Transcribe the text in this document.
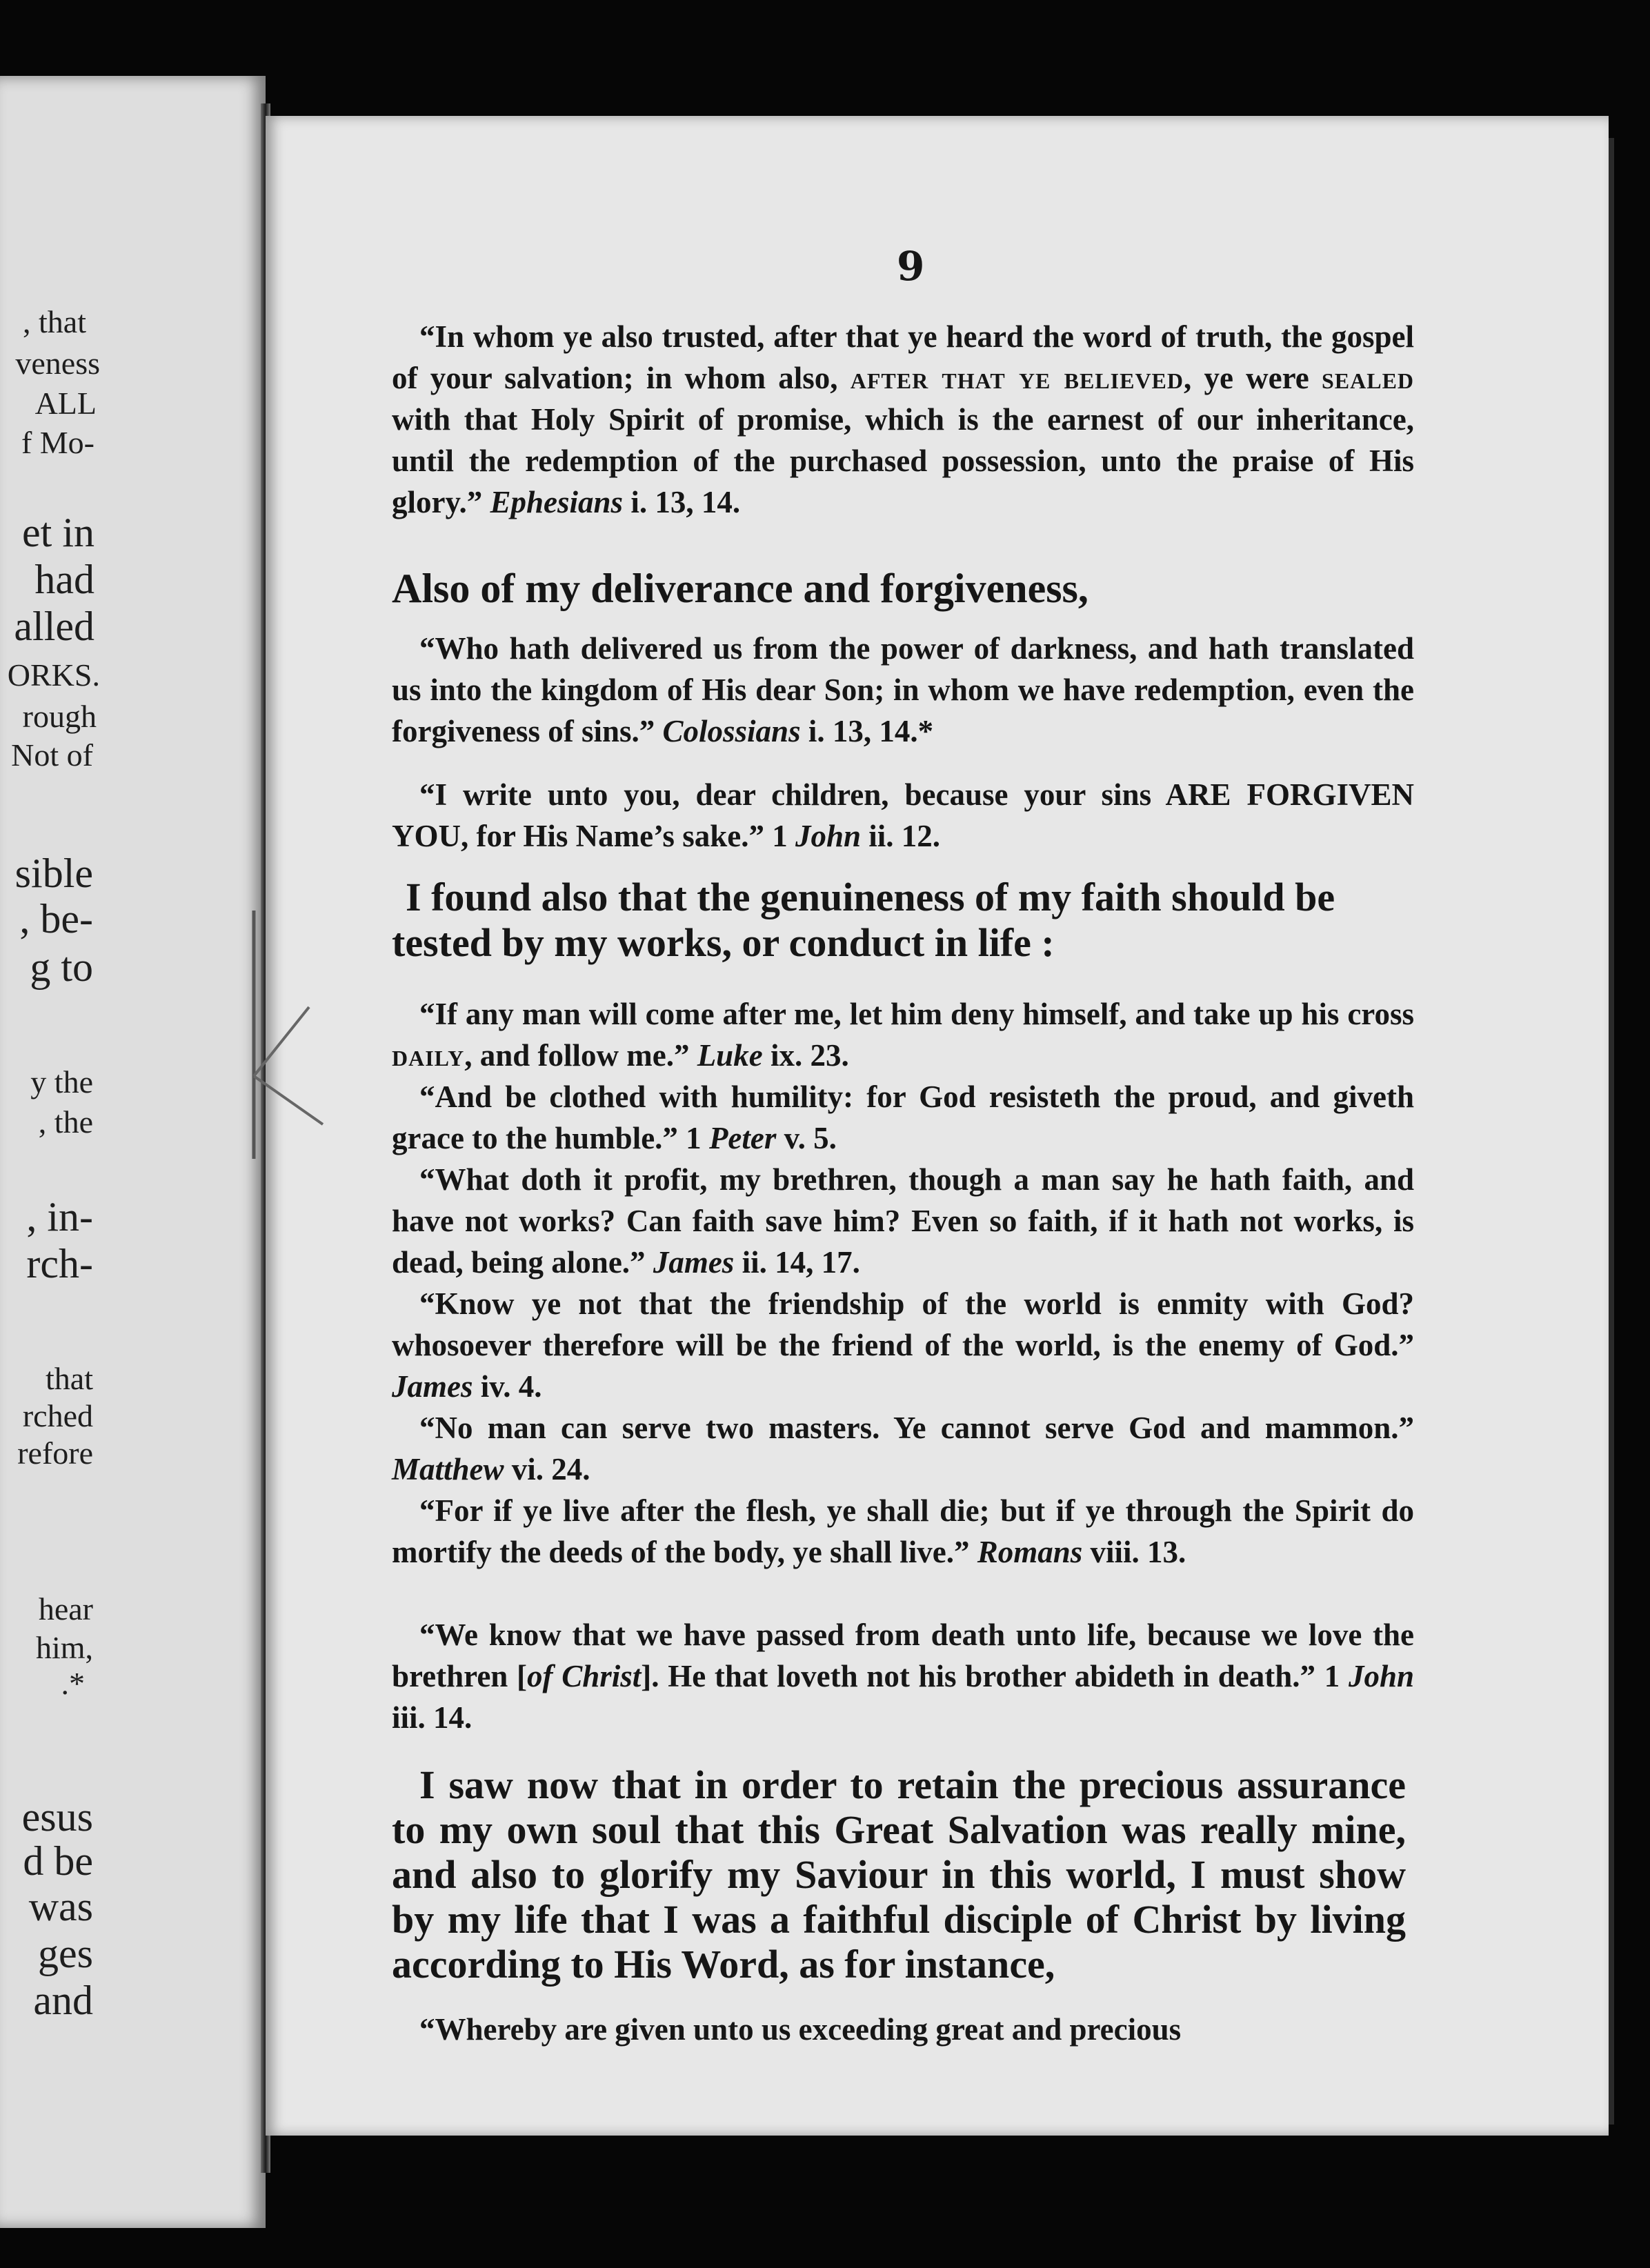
, that
veness
ALL
f Mo-
et in
had
alled
ORKS.
rough
Not of
sible
, be-
g to
y the
, the
, in-
rch-
that
rched
refore
hear
him,
.*
esus
d be
was
ges
and
9

“In whom ye also trusted, after that ye heard the word of truth, the gospel of your salvation; in whom also, after that ye believed, ye were sealed with that Holy Spirit of promise, which is the earnest of our inheritance, until the redemption of the purchased possession, unto the praise of His glory.” Ephesians i. 13, 14.

Also of my deliverance and forgiveness,

“Who hath delivered us from the power of darkness, and hath translated us into the kingdom of His dear Son; in whom we have redemption, even the forgiveness of sins.” Colossians i. 13, 14.*

“I write unto you, dear children, because your sins ARE FORGIVEN YOU, for His Name’s sake.” 1 John ii. 12.

I found also that the genuineness of my faith should be tested by my works, or conduct in life :

“If any man will come after me, let him deny himself, and take up his cross daily, and follow me.” Luke ix. 23.

“And be clothed with humility: for God resisteth the proud, and giveth grace to the humble.” 1 Peter v. 5.

“What doth it profit, my brethren, though a man say he hath faith, and have not works? Can faith save him? Even so faith, if it hath not works, is dead, being alone.” James ii. 14, 17.

“Know ye not that the friendship of the world is enmity with God? whosoever therefore will be the friend of the world, is the enemy of God.” James iv. 4.

“No man can serve two masters. Ye cannot serve God and mammon.” Matthew vi. 24.

“For if ye live after the flesh, ye shall die; but if ye through the Spirit do mortify the deeds of the body, ye shall live.” Romans viii. 13.

“We know that we have passed from death unto life, because we love the brethren [of Christ]. He that loveth not his brother abideth in death.” 1 John iii. 14.

I saw now that in order to retain the precious assurance to my own soul that this Great Salvation was really mine, and also to glorify my Saviour in this world, I must show by my life that I was a faithful disciple of Christ by living according to His Word, as for instance,

“Whereby are given unto us exceeding great and precious
